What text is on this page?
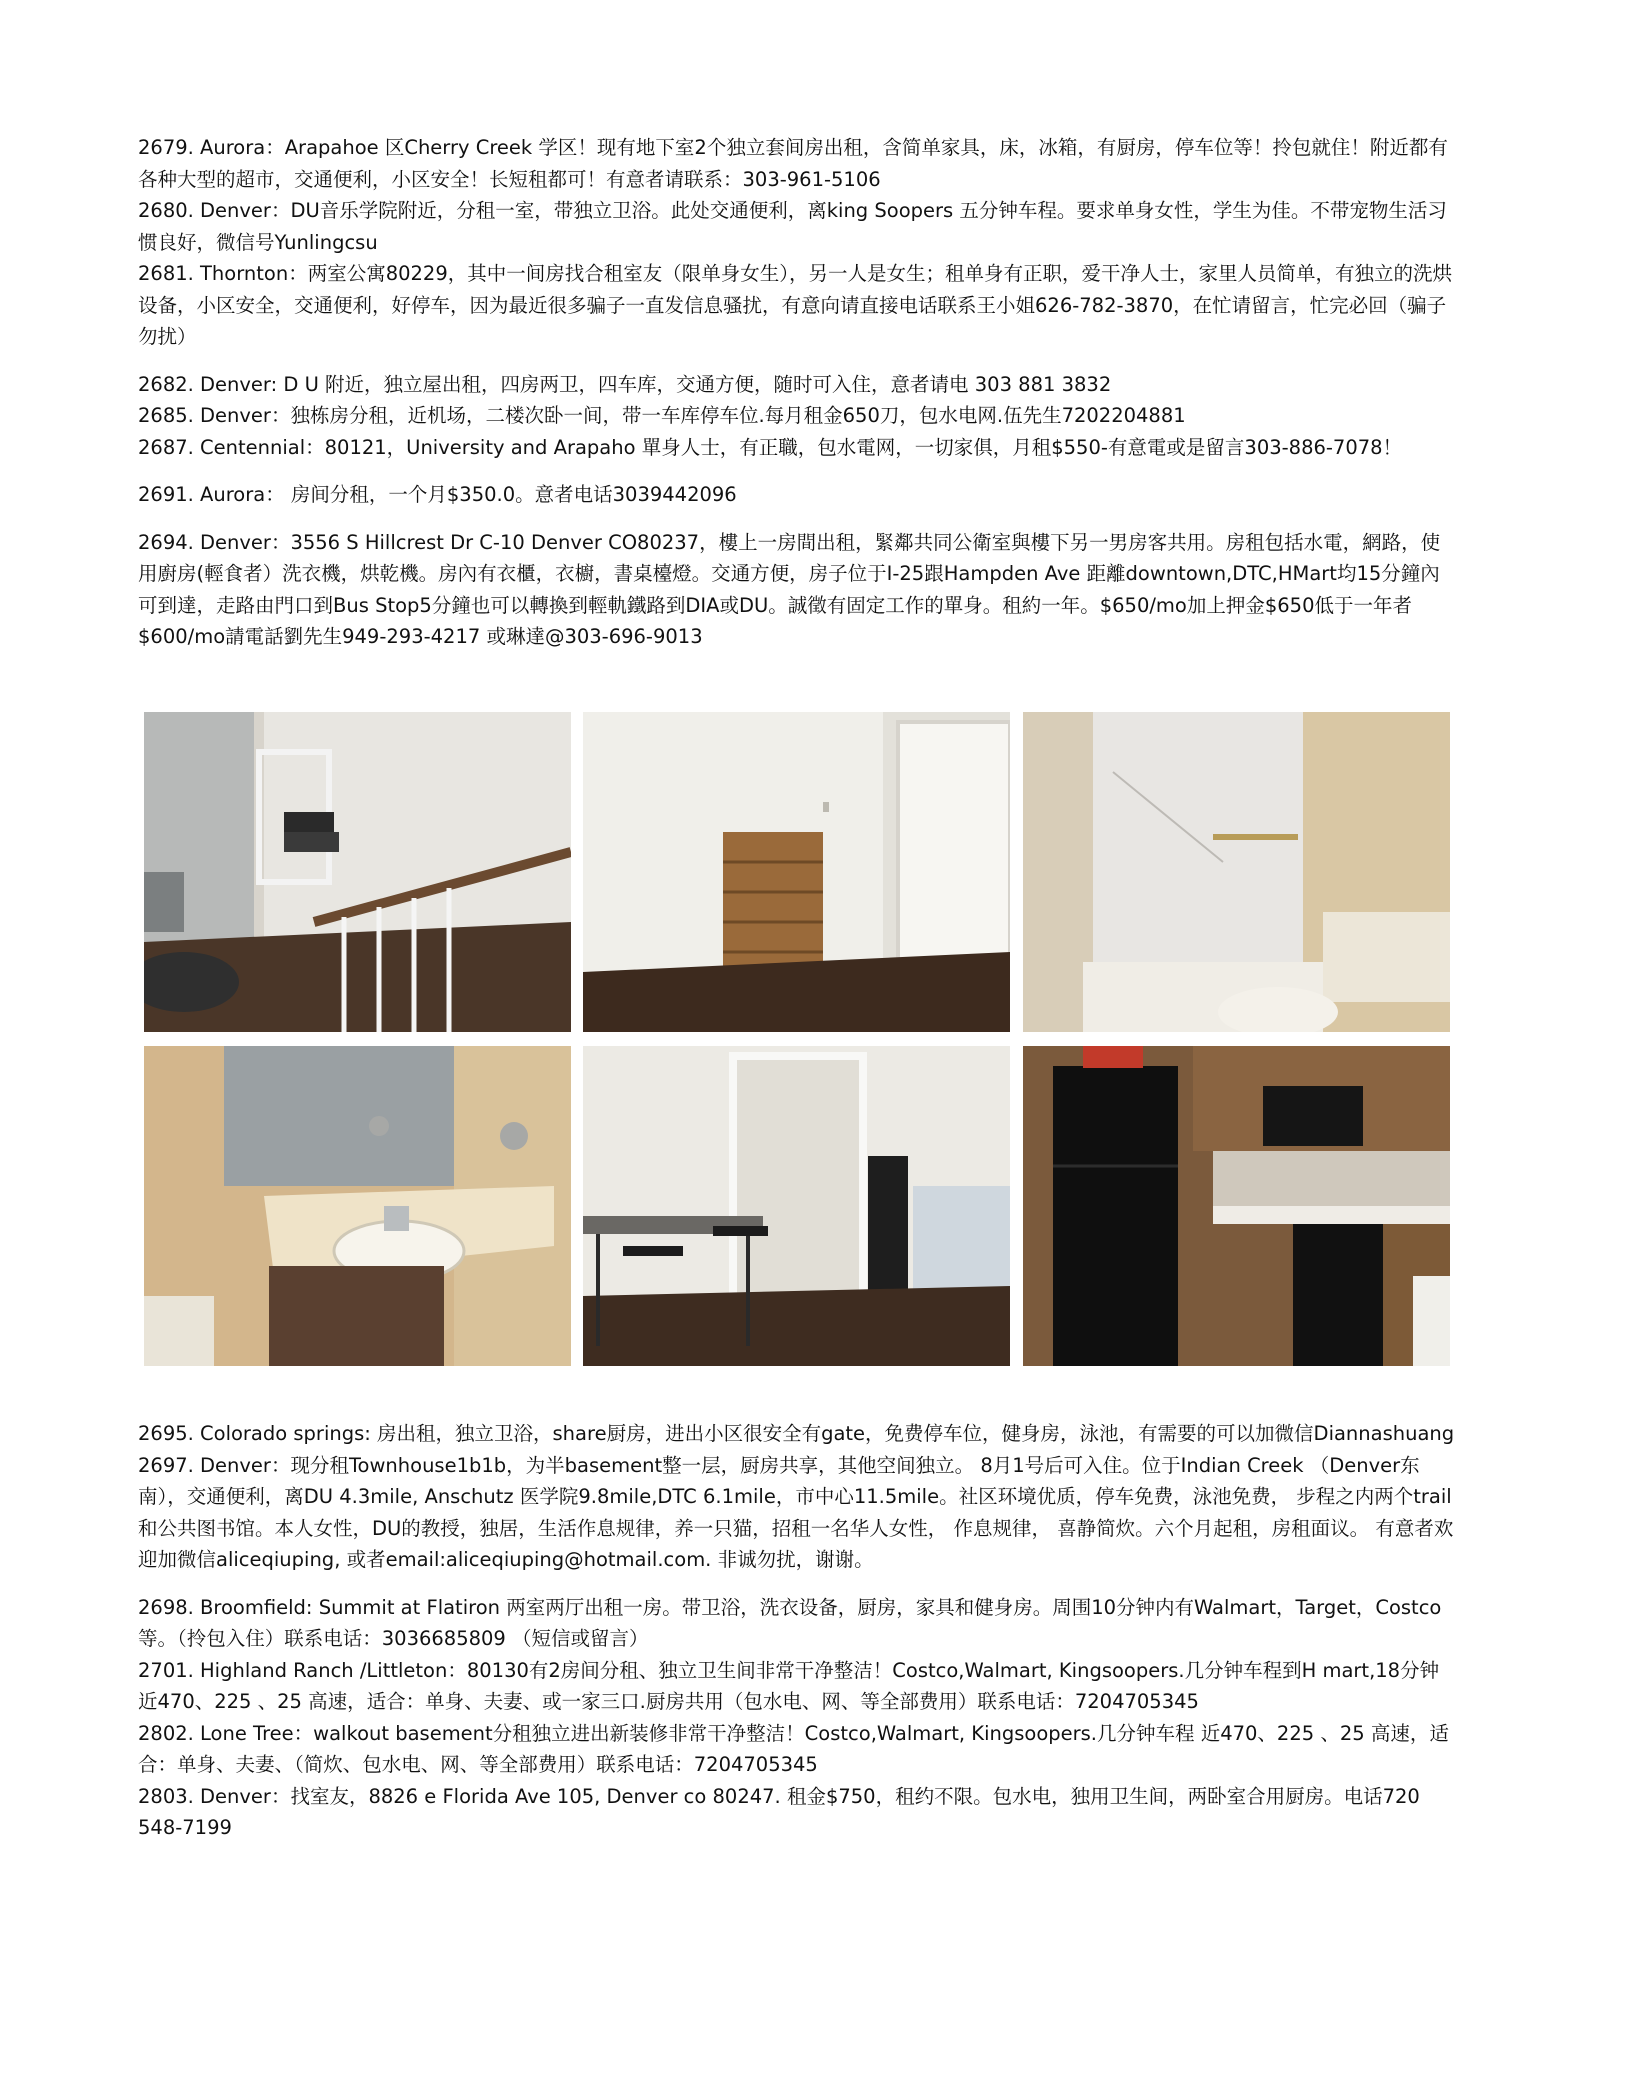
2679. Aurora：Arapahoe 区Cherry Creek 学区！现有地下室2个独立套间房出租，含简单家具，床，冰箱，有厨房，停车位等！拎包就住！附近都有各种大型的超市，交通便利，小区安全！长短租都可！有意者请联系：303-961-5106

2680. Denver：DU音乐学院附近，分租一室，带独立卫浴。此处交通便利，离king Soopers 五分钟车程。要求单身女性，学生为佳。不带宠物生活习惯良好，微信号Yunlingcsu

2681. Thornton：两室公寓80229，其中一间房找合租室友（限单身女生），另一人是女生；租单身有正职，爱干净人士，家里人员简单，有独立的洗烘设备，小区安全，交通便利，好停车，因为最近很多骗子一直发信息骚扰，有意向请直接电话联系王小姐626-782-3870，在忙请留言，忙完必回（骗子勿扰）

2682. Denver: D U 附近，独立屋出租，四房两卫，四车库，交通方便，随时可入住，意者请电 303 881 3832

2685. Denver：独栋房分租，近机场，二楼次卧一间，带一车库停车位.每月租金650刀，包水电网.伍先生7202204881

2687. Centennial：80121，University and Arapaho 單身人士，有正職，包水電网，一切家俱，月租$550-有意電或是留言303-886-7078！

2691. Aurora： 房间分租，一个月$350.0。意者电话3039442096

2694. Denver：3556 S Hillcrest Dr C-10 Denver CO80237，樓上一房間出租，緊鄰共同公衛室與樓下另一男房客共用。房租包括水電，網路，使用廚房(輕食者）洗衣機，烘乾機。房內有衣櫃，衣櫥，書桌檯燈。交通方便，房子位于I-25跟Hampden Ave 距離downtown,DTC,HMart均15分鐘內可到達，走路由門口到Bus Stop5分鐘也可以轉換到輕軌鐵路到DIA或DU。誠徵有固定工作的單身。租約一年。$650/mo加上押金$650低于一年者$600/mo請電話劉先生949-293-4217 或琳達@303-696-9013

2695. Colorado springs: 房出租，独立卫浴，share厨房，进出小区很安全有gate，免费停车位，健身房，泳池，有需要的可以加微信Diannashuang

2697. Denver：现分租Townhouse1b1b，为半basement整一层，厨房共享，其他空间独立。 8月1号后可入住。位于Indian Creek （Denver东南），交通便利，离DU 4.3mile, Anschutz 医学院9.8mile,DTC 6.1mile，市中心11.5mile。社区环境优质，停车免费，泳池免费， 步程之内两个trail和公共图书馆。本人女性，DU的教授，独居，生活作息规律，养一只猫，招租一名华人女性， 作息规律， 喜静简炊。六个月起租，房租面议。 有意者欢迎加微信aliceqiuping, 或者email:aliceqiuping@hotmail.com. 非诚勿扰，谢谢。

2698. Broomfield: Summit at Flatiron 两室两厅出租一房。带卫浴，洗衣设备，厨房，家具和健身房。周围10分钟内有Walmart，Target，Costco等。（拎包入住）联系电话：3036685809 （短信或留言）

2701. Highland Ranch /Littleton：80130有2房间分租、独立卫生间非常干净整洁！Costco,Walmart, Kingsoopers.几分钟车程到H mart,18分钟近470、225 、25 高速，适合：单身、夫妻、或一家三口.厨房共用（包水电、网、等全部费用）联系电话：7204705345

2802. Lone Tree：walkout basement分租独立进出新装修非常干净整洁！Costco,Walmart, Kingsoopers.几分钟车程 近470、225 、25 高速，适合：单身、夫妻、（简炊、包水电、网、等全部费用）联系电话：7204705345

2803. Denver：找室友，8826 e Florida Ave 105, Denver co 80247. 租金$750，租约不限。包水电，独用卫生间，两卧室合用厨房。电话720 548-7199
